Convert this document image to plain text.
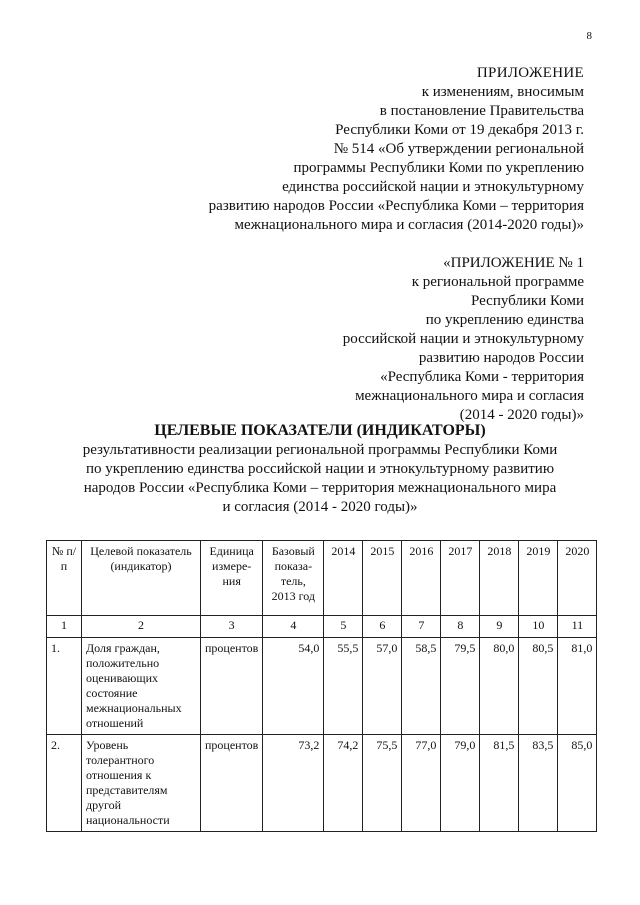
8
ПРИЛОЖЕНИЕ
к изменениям, вносимым
в постановление Правительства
Республики Коми от 19 декабря 2013 г.
№ 514 «Об утверждении региональной
программы Республики Коми по укреплению
единства российской нации и этнокультурному
развитию народов России «Республика Коми – территория
межнационального мира и согласия (2014-2020 годы)»
«ПРИЛОЖЕНИЕ № 1
к региональной программе
Республики Коми
по укреплению единства
российской нации и этнокультурному
развитию народов России
«Республика Коми - территория
межнационального мира и согласия
(2014 - 2020 годы)»
ЦЕЛЕВЫЕ ПОКАЗАТЕЛИ (ИНДИКАТОРЫ)
результативности реализации региональной программы Республики Коми
по укреплению единства российской нации и этнокультурному развитию
народов России «Республика Коми – территория межнационального мира
и согласия (2014 - 2020 годы)»
№ п/п	Целевой показатель (индикатор)	Единица измере-ния	Базовый показа-тель, 2013 год	2014	2015	2016	2017	2018	2019	2020
1	2	3	4	5	6	7	8	9	10	11
1.	Доля граждан, положительно оценивающих состояние межнациональных отношений	процентов	54,0	55,5	57,0	58,5	79,5	80,0	80,5	81,0
2.	Уровень толерантного отношения к представителям другой национальности	процентов	73,2	74,2	75,5	77,0	79,0	81,5	83,5	85,0
